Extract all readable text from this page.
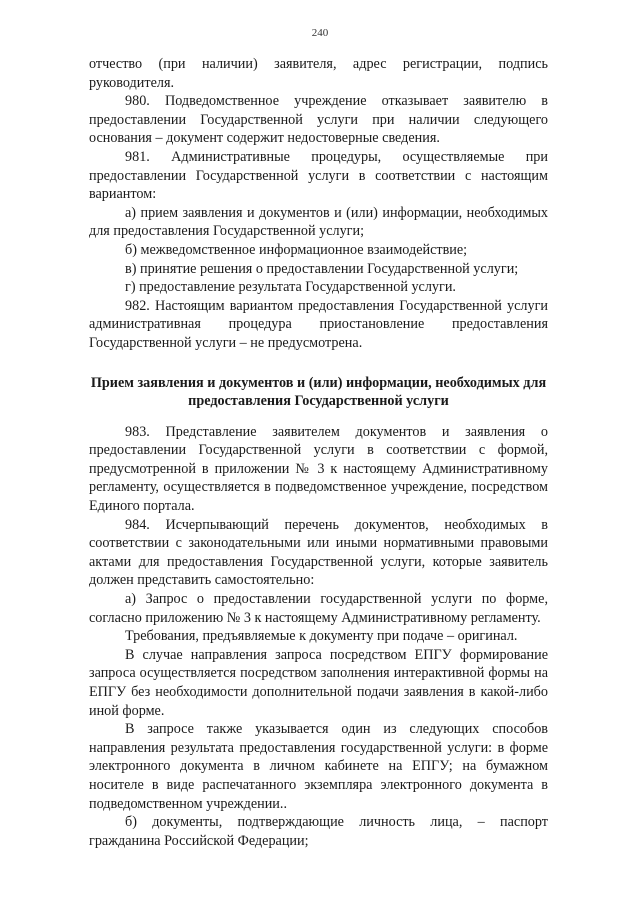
240

отчество (при наличии) заявителя, адрес регистрации, подпись руководителя.

980. Подведомственное учреждение отказывает заявителю в предоставлении Государственной услуги при наличии следующего основания – документ содержит недостоверные сведения.

981. Административные процедуры, осуществляемые при предоставлении Государственной услуги в соответствии с настоящим вариантом:

а) прием заявления и документов и (или) информации, необходимых для предоставления Государственной услуги;

б) межведомственное информационное взаимодействие;

в) принятие решения о предоставлении Государственной услуги;

г) предоставление результата Государственной услуги.

982. Настоящим вариантом предоставления Государственной услуги административная процедура приостановление предоставления Государственной услуги – не предусмотрена.

Прием заявления и документов и (или) информации, необходимых для предоставления Государственной услуги

983. Представление заявителем документов и заявления о предоставлении Государственной услуги в соответствии с формой, предусмотренной в приложении № 3 к настоящему Административному регламенту, осуществляется в подведомственное учреждение, посредством Единого портала.

984. Исчерпывающий перечень документов, необходимых в соответствии с законодательными или иными нормативными правовыми актами для предоставления Государственной услуги, которые заявитель должен представить самостоятельно:

а) Запрос о предоставлении государственной услуги по форме, согласно приложению № 3 к настоящему Административному регламенту.

Требования, предъявляемые к документу при подаче – оригинал.

В случае направления запроса посредством ЕПГУ формирование запроса осуществляется посредством заполнения интерактивной формы на ЕПГУ без необходимости дополнительной подачи заявления в какой-либо иной форме.

В запросе также указывается один из следующих способов направления результата предоставления государственной услуги: в форме электронного документа в личном кабинете на ЕПГУ; на бумажном носителе в виде распечатанного экземпляра электронного документа в подведомственном учреждении..

б) документы, подтверждающие личность лица, – паспорт гражданина Российской Федерации;
